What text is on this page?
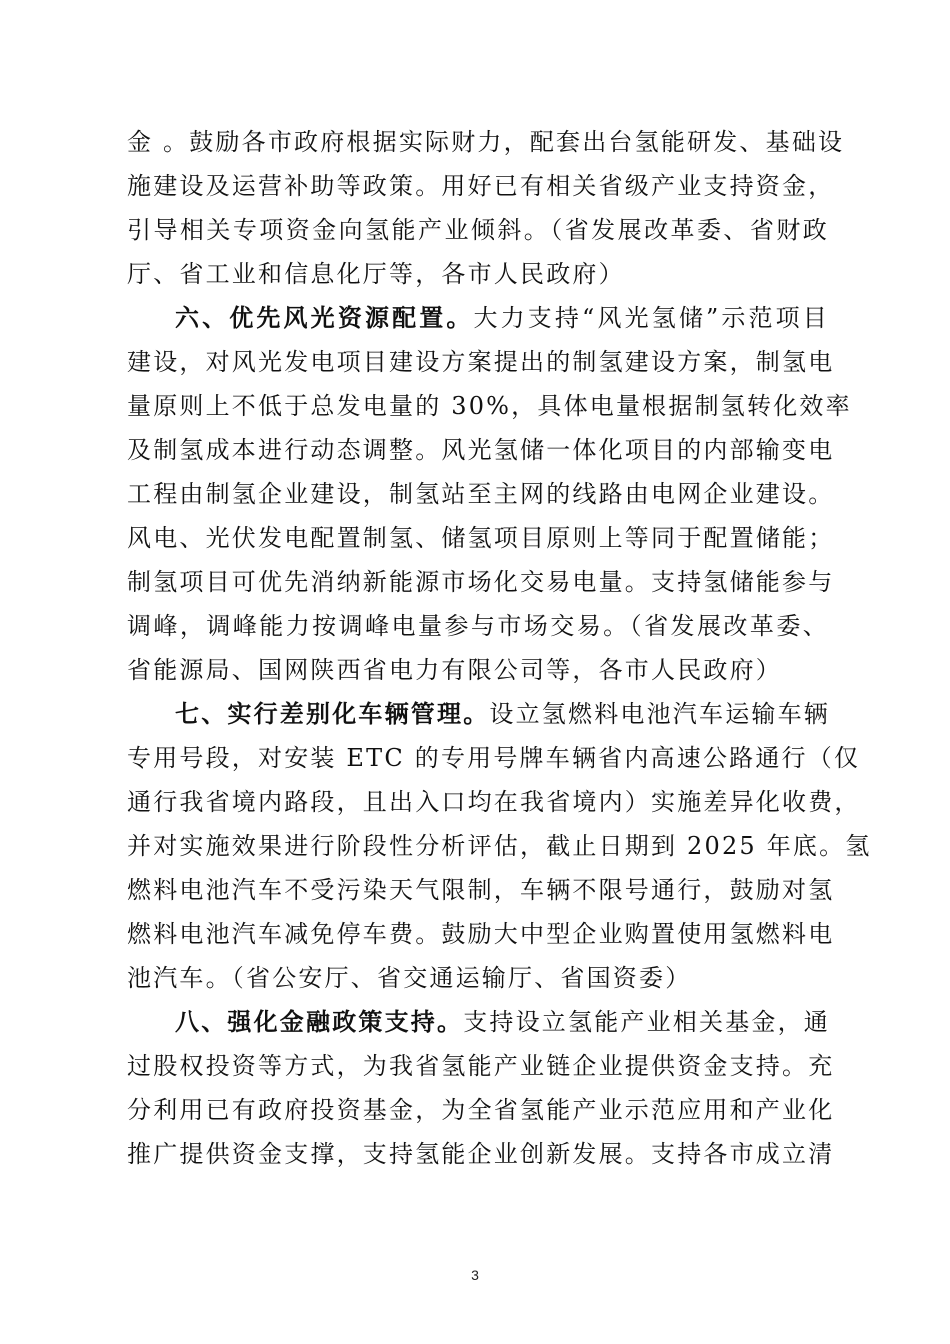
金 。鼓励各市政府根据实际财力，配套出台氢能研发、基础设
施建设及运营补助等政策。用好已有相关省级产业支持资金，
引导相关专项资金向氢能产业倾斜。（省发展改革委、省财政
厅、省工业和信息化厅等，各市人民政府）
六、优先风光资源配置。大力支持“风光氢储”示范项目
建设，对风光发电项目建设方案提出的制氢建设方案，制氢电
量原则上不低于总发电量的 30%，具体电量根据制氢转化效率
及制氢成本进行动态调整。风光氢储一体化项目的内部输变电
工程由制氢企业建设，制氢站至主网的线路由电网企业建设。
风电、光伏发电配置制氢、储氢项目原则上等同于配置储能；
制氢项目可优先消纳新能源市场化交易电量。支持氢储能参与
调峰，调峰能力按调峰电量参与市场交易。（省发展改革委、
省能源局、国网陕西省电力有限公司等，各市人民政府）
七、实行差别化车辆管理。设立氢燃料电池汽车运输车辆
专用号段，对安装 ETC 的专用号牌车辆省内高速公路通行（仅
通行我省境内路段，且出入口均在我省境内）实施差异化收费，
并对实施效果进行阶段性分析评估，截止日期到 2025 年底。氢
燃料电池汽车不受污染天气限制，车辆不限号通行，鼓励对氢
燃料电池汽车减免停车费。鼓励大中型企业购置使用氢燃料电
池汽车。（省公安厅、省交通运输厅、省国资委）
八、强化金融政策支持。支持设立氢能产业相关基金，通
过股权投资等方式，为我省氢能产业链企业提供资金支持。充
分利用已有政府投资基金，为全省氢能产业示范应用和产业化
推广提供资金支撑，支持氢能企业创新发展。支持各市成立清
3
